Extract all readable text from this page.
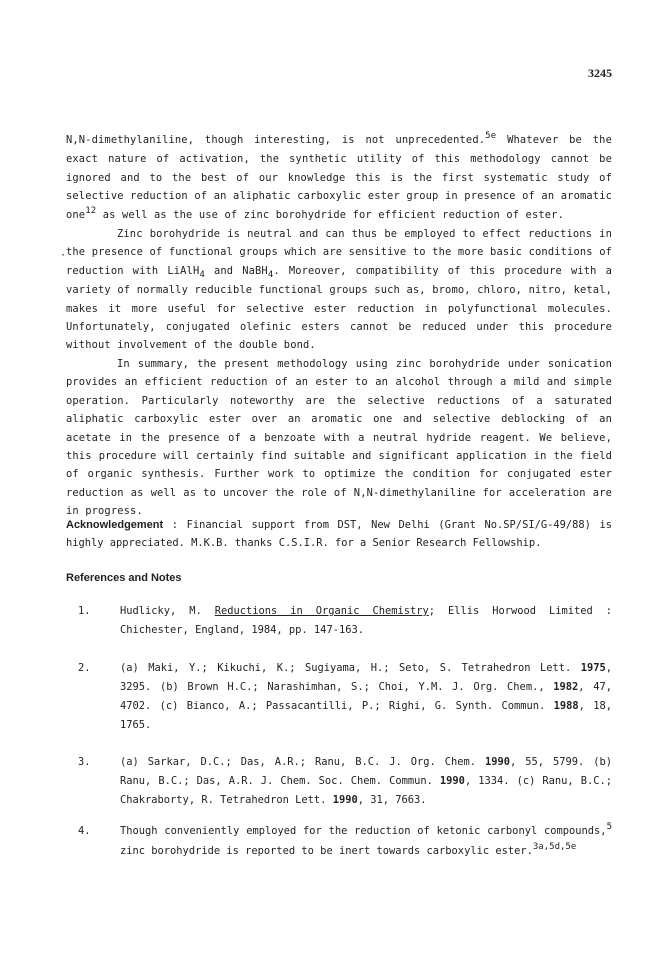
3245

N,N-dimethylaniline, though interesting, is not unprecedented.5e Whatever be the exact nature of activation, the synthetic utility of this methodology cannot be ignored and to the best of our knowledge this is the first systematic study of selective reduction of an aliphatic carboxylic ester group in presence of an aromatic one12 as well as the use of zinc borohydride for efficient reduction of ester.

Zinc borohydride is neutral and can thus be employed to effect reductions in the presence of functional groups which are sensitive to the more basic conditions of reduction with LiAlH4 and NaBH4. Moreover, compatibility of this procedure with a variety of normally reducible functional groups such as, bromo, chloro, nitro, ketal, makes it more useful for selective ester reduction in polyfunctional molecules. Unfortunately, conjugated olefinic esters cannot be reduced under this procedure without involvement of the double bond.

In summary, the present methodology using zinc borohydride under sonication provides an efficient reduction of an ester to an alcohol through a mild and simple operation. Particularly noteworthy are the selective reductions of a saturated aliphatic carboxylic ester over an aromatic one and selective deblocking of an acetate in the presence of a benzoate with a neutral hydride reagent. We believe, this procedure will certainly find suitable and significant application in the field of organic synthesis. Further work to optimize the condition for conjugated ester reduction as well as to uncover the role of N,N-dimethylaniline for acceleration are in progress.

·
Acknowledgement : Financial support from DST, New Delhi (Grant No.SP/SI/G-49/88) is highly appreciated. M.K.B. thanks C.S.I.R. for a Senior Research Fellowship.
References and Notes
1.	Hudlicky, M. Reductions in Organic Chemistry; Ellis Horwood Limited : Chichester, England, 1984, pp. 147-163.
2.	(a) Maki, Y.; Kikuchi, K.; Sugiyama, H.; Seto, S. Tetrahedron Lett. 1975, 3295. (b) Brown H.C.; Narashimhan, S.; Choi, Y.M. J. Org. Chem., 1982, 47, 4702. (c) Bianco, A.; Passacantilli, P.; Righi, G. Synth. Commun. 1988, 18, 1765.
3.	(a) Sarkar, D.C.; Das, A.R.; Ranu, B.C. J. Org. Chem. 1990, 55, 5799. (b) Ranu, B.C.; Das, A.R. J. Chem. Soc. Chem. Commun. 1990, 1334. (c) Ranu, B.C.; Chakraborty, R. Tetrahedron Lett. 1990, 31, 7663.
4.	Though conveniently employed for the reduction of ketonic carbonyl compounds,5 zinc borohydride is reported to be inert towards carboxylic ester.3a,5d,5e
